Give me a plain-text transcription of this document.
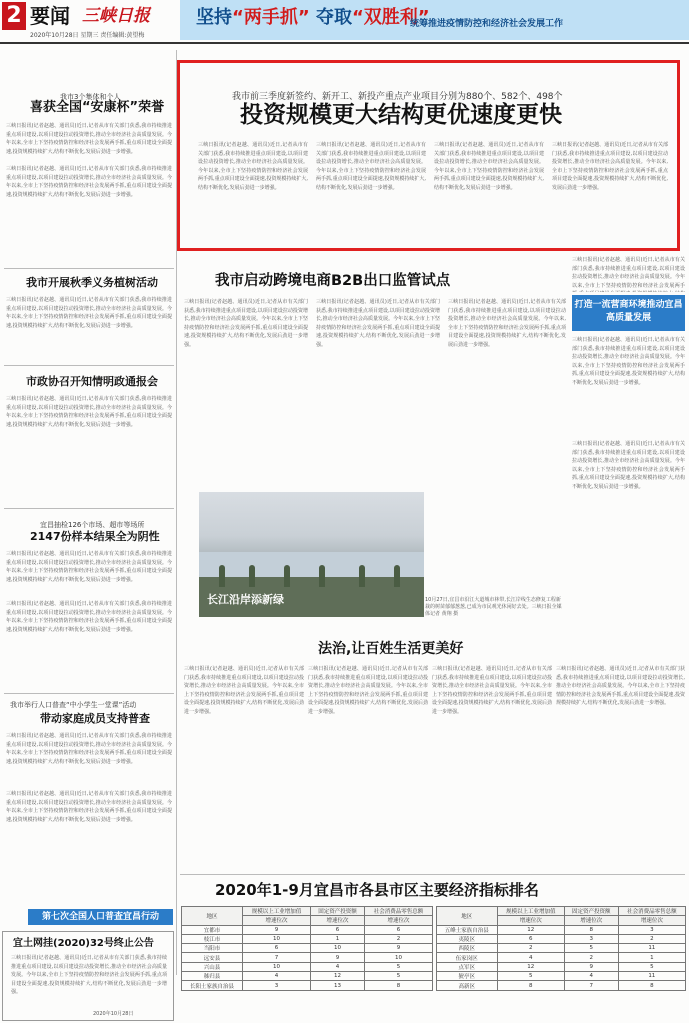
2 要闻 三峡日报
2020年10月28日 星期三 责任编辑:黄望梅
坚持“两手抓” 夺取“双胜利”
统筹推进疫情防控和经济社会发展工作
我市3个集体和个人
喜获全国“安康杯”荣誉
三峡日报讯(记者赵越、通讯员)近日,记者从市有关部门获悉,我市持续推进重点项目建设,以项目建设拉动投资增长,推动全市经济社会高质量发展。今年以来,全市上下坚持疫情防控和经济社会发展两手抓,重点项目建设全面提速,投资规模持续扩大,结构不断优化,发展后劲进一步增强。
三峡日报讯(记者赵越、通讯员)近日,记者从市有关部门获悉,我市持续推进重点项目建设,以项目建设拉动投资增长,推动全市经济社会高质量发展。今年以来,全市上下坚持疫情防控和经济社会发展两手抓,重点项目建设全面提速,投资规模持续扩大,结构不断优化,发展后劲进一步增强。
我市开展秋季义务植树活动
三峡日报讯(记者赵越、通讯员)近日,记者从市有关部门获悉,我市持续推进重点项目建设,以项目建设拉动投资增长,推动全市经济社会高质量发展。今年以来,全市上下坚持疫情防控和经济社会发展两手抓,重点项目建设全面提速,投资规模持续扩大,结构不断优化,发展后劲进一步增强。
市政协召开知情明政通报会
三峡日报讯(记者赵越、通讯员)近日,记者从市有关部门获悉,我市持续推进重点项目建设,以项目建设拉动投资增长,推动全市经济社会高质量发展。今年以来,全市上下坚持疫情防控和经济社会发展两手抓,重点项目建设全面提速,投资规模持续扩大,结构不断优化,发展后劲进一步增强。
宜昌抽检126个市场、超市等场所
2147份样本结果全为阴性
三峡日报讯(记者赵越、通讯员)近日,记者从市有关部门获悉,我市持续推进重点项目建设,以项目建设拉动投资增长,推动全市经济社会高质量发展。今年以来,全市上下坚持疫情防控和经济社会发展两手抓,重点项目建设全面提速,投资规模持续扩大,结构不断优化,发展后劲进一步增强。
三峡日报讯(记者赵越、通讯员)近日,记者从市有关部门获悉,我市持续推进重点项目建设,以项目建设拉动投资增长,推动全市经济社会高质量发展。今年以来,全市上下坚持疫情防控和经济社会发展两手抓,重点项目建设全面提速,投资规模持续扩大,结构不断优化,发展后劲进一步增强。
我市举行人口普查“中小学生一堂课”活动
带动家庭成员支持普查
三峡日报讯(记者赵越、通讯员)近日,记者从市有关部门获悉,我市持续推进重点项目建设,以项目建设拉动投资增长,推动全市经济社会高质量发展。今年以来,全市上下坚持疫情防控和经济社会发展两手抓,重点项目建设全面提速,投资规模持续扩大,结构不断优化,发展后劲进一步增强。
三峡日报讯(记者赵越、通讯员)近日,记者从市有关部门获悉,我市持续推进重点项目建设,以项目建设拉动投资增长,推动全市经济社会高质量发展。今年以来,全市上下坚持疫情防控和经济社会发展两手抓,重点项目建设全面提速,投资规模持续扩大,结构不断优化,发展后劲进一步增强。
第七次全国人口普查宜昌行动
宜土网挂(2020)32号终止公告
三峡日报讯(记者赵越、通讯员)近日,记者从市有关部门获悉,我市持续推进重点项目建设,以项目建设拉动投资增长,推动全市经济社会高质量发展。今年以来,全市上下坚持疫情防控和经济社会发展两手抓,重点项目建设全面提速,投资规模持续扩大,结构不断优化,发展后劲进一步增强。
2020年10月28日
我市前三季度新签约、新开工、新投产重点产业项目分别为880个、582个、498个
投资规模更大结构更优速度更快
三峡日报讯(记者赵越、通讯员)近日,记者从市有关部门获悉,我市持续推进重点项目建设,以项目建设拉动投资增长,推动全市经济社会高质量发展。今年以来,全市上下坚持疫情防控和经济社会发展两手抓,重点项目建设全面提速,投资规模持续扩大,结构不断优化,发展后劲进一步增强。
三峡日报讯(记者赵越、通讯员)近日,记者从市有关部门获悉,我市持续推进重点项目建设,以项目建设拉动投资增长,推动全市经济社会高质量发展。今年以来,全市上下坚持疫情防控和经济社会发展两手抓,重点项目建设全面提速,投资规模持续扩大,结构不断优化,发展后劲进一步增强。
三峡日报讯(记者赵越、通讯员)近日,记者从市有关部门获悉,我市持续推进重点项目建设,以项目建设拉动投资增长,推动全市经济社会高质量发展。今年以来,全市上下坚持疫情防控和经济社会发展两手抓,重点项目建设全面提速,投资规模持续扩大,结构不断优化,发展后劲进一步增强。
三峡日报讯(记者赵越、通讯员)近日,记者从市有关部门获悉,我市持续推进重点项目建设,以项目建设拉动投资增长,推动全市经济社会高质量发展。今年以来,全市上下坚持疫情防控和经济社会发展两手抓,重点项目建设全面提速,投资规模持续扩大,结构不断优化,发展后劲进一步增强。
我市启动跨境电商B2B出口监管试点
三峡日报讯(记者赵越、通讯员)近日,记者从市有关部门获悉,我市持续推进重点项目建设,以项目建设拉动投资增长,推动全市经济社会高质量发展。今年以来,全市上下坚持疫情防控和经济社会发展两手抓,重点项目建设全面提速,投资规模持续扩大,结构不断优化,发展后劲进一步增强。
三峡日报讯(记者赵越、通讯员)近日,记者从市有关部门获悉,我市持续推进重点项目建设,以项目建设拉动投资增长,推动全市经济社会高质量发展。今年以来,全市上下坚持疫情防控和经济社会发展两手抓,重点项目建设全面提速,投资规模持续扩大,结构不断优化,发展后劲进一步增强。
三峡日报讯(记者赵越、通讯员)近日,记者从市有关部门获悉,我市持续推进重点项目建设,以项目建设拉动投资增长,推动全市经济社会高质量发展。今年以来,全市上下坚持疫情防控和经济社会发展两手抓,重点项目建设全面提速,投资规模持续扩大,结构不断优化,发展后劲进一步增强。
三峡日报讯(记者赵越、通讯员)近日,记者从市有关部门获悉,我市持续推进重点项目建设,以项目建设拉动投资增长,推动全市经济社会高质量发展。今年以来,全市上下坚持疫情防控和经济社会发展两手
打造一流营商环境推动宜昌高质量发展
三峡日报讯(记者赵越、通讯员)近日,记者从市有关部门获悉,我市持续推进重点项目建设,以项目建设拉动投资增长,推动全市经济社会高质量发展。今年以来,全市上下坚持疫情防控和经济社会发展两手抓,重点项目建设全面提速,投资规模持续扩大,结构不断优化,发展后劲进一步增强。
三峡日报讯(记者赵越、通讯员)近日,记者从市有关部门获悉,我市持续推进重点项目建设,以项目建设拉动投资增长,推动全市经济社会高质量发展。今年以来,全市上下坚持疫情防控和经济社会发展两手抓,重点项目建设全面提速,投资规模持续扩大,结构不断优化,发展后劲进一步增强。
长江沿岸添新绿	10月27日,宜昌市沿江大道城市林带,长江岸线生态修复工程新栽的树苗郁郁葱葱,已成为市民观光休闲好去处。三峡日报全媒体记者 黄翔 摄
法治,让百姓生活更美好
三峡日报讯(记者赵越、通讯员)近日,记者从市有关部门获悉,我市持续推进重点项目建设,以项目建设拉动投资增长,推动全市经济社会高质量发展。今年以来,全市上下坚持疫情防控和经济社会发展两手抓,重点项目建设全面提速,投资规模持续扩大,结构不断优化,发展后劲进一步增强。
三峡日报讯(记者赵越、通讯员)近日,记者从市有关部门获悉,我市持续推进重点项目建设,以项目建设拉动投资增长,推动全市经济社会高质量发展。今年以来,全市上下坚持疫情防控和经济社会发展两手抓,重点项目建设全面提速,投资规模持续扩大,结构不断优化,发展后劲进一步增强。
三峡日报讯(记者赵越、通讯员)近日,记者从市有关部门获悉,我市持续推进重点项目建设,以项目建设拉动投资增长,推动全市经济社会高质量发展。今年以来,全市上下坚持疫情防控和经济社会发展两手抓,重点项目建设全面提速,投资规模持续扩大,结构不断优化,发展后劲进一步增强。
三峡日报讯(记者赵越、通讯员)近日,记者从市有关部门获悉,我市持续推进重点项目建设,以项目建设拉动投资增长,推动全市经济社会高质量发展。今年以来,全市上下坚持疫情防控和经济社会发展两手抓,重点项目建设全面提速,投资规模持续扩大,结构不断优化,发展后劲进一步增强。
2020年1-9月宜昌市各县市区主要经济指标排名
地区	规模以上工业增加值	固定资产投资额	社会消费品零售总额
	增速位次	增速位次	增速位次
宜都市	9	6	6
枝江市	10	1	2
当阳市	6	10	9
远安县	7	9	10
兴山县	10	4	5
秭归县	4	12	5
长阳土家族自治县	3	13	8
地区	规模以上工业增加值	固定资产投资额	社会消费品零售总额
	增速位次	增速位次	增速位次
五峰土家族自治县	12	8	3
夷陵区	6	3	2
西陵区	2	5	11
伍家岗区	4	2	1
点军区	12	9	5
猇亭区	5	4	11
高新区	8	7	8
